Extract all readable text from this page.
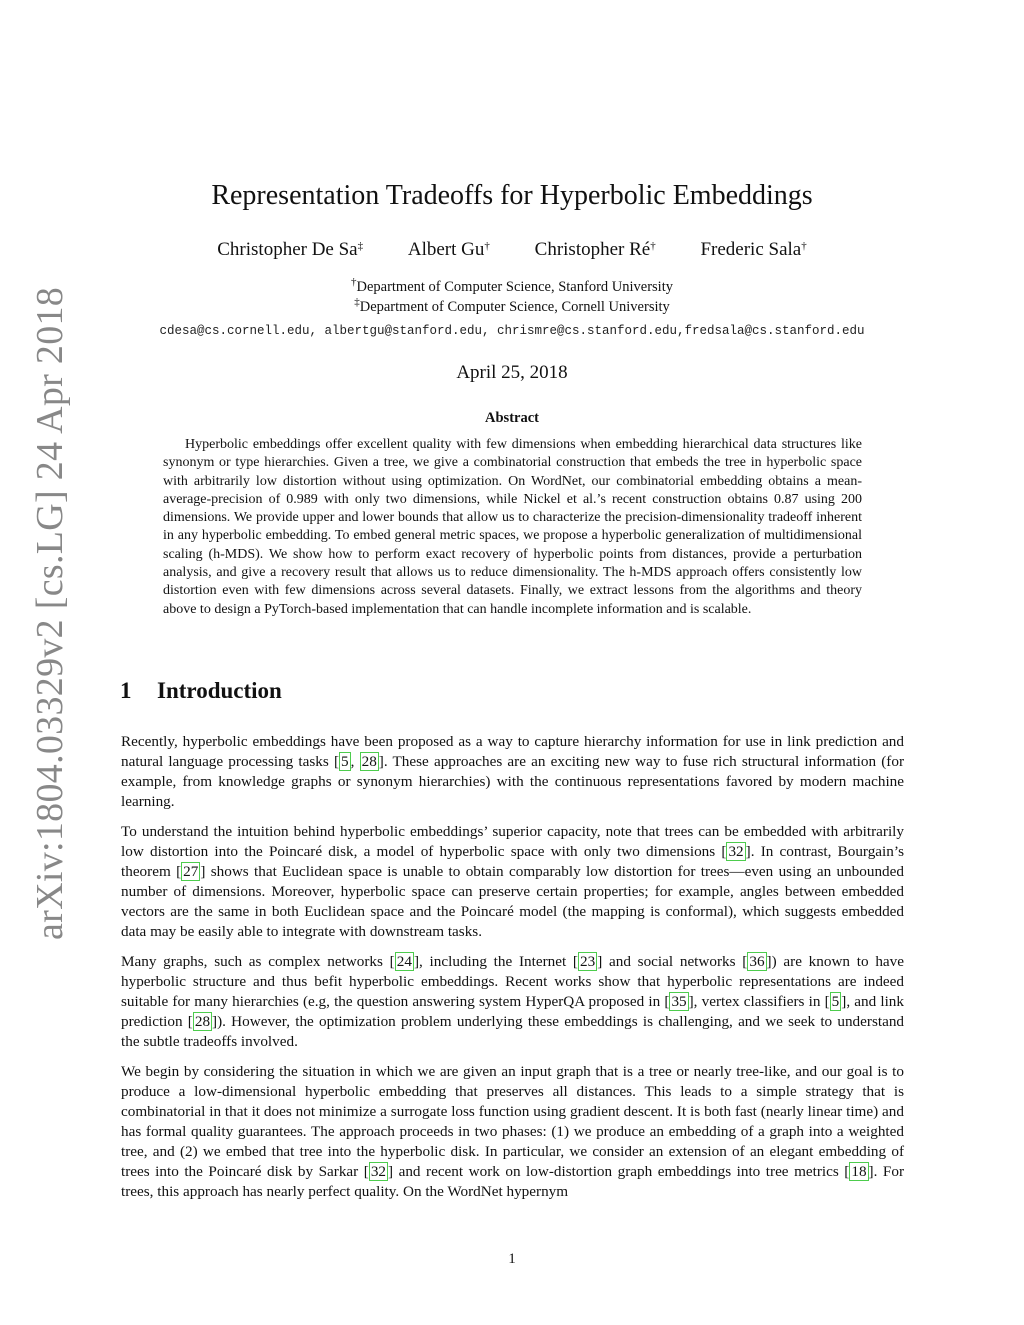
arXiv:1804.03329v2 [cs.LG] 24 Apr 2018
Representation Tradeoffs for Hyperbolic Embeddings
Christopher De Sa‡ Albert Gu† Christopher Ré† Frederic Sala†
†Department of Computer Science, Stanford University
‡Department of Computer Science, Cornell University
cdesa@cs.cornell.edu, albertgu@stanford.edu, chrismre@cs.stanford.edu,fredsala@cs.stanford.edu
April 25, 2018
Abstract
Hyperbolic embeddings offer excellent quality with few dimensions when embedding hierarchical data structures like synonym or type hierarchies. Given a tree, we give a combinatorial construction that embeds the tree in hyperbolic space with arbitrarily low distortion without using optimization. On WordNet, our combinatorial embedding obtains a mean-average-precision of 0.989 with only two dimensions, while Nickel et al.’s recent construction obtains 0.87 using 200 dimensions. We provide upper and lower bounds that allow us to characterize the precision-dimensionality tradeoff inherent in any hyperbolic embedding. To embed general metric spaces, we propose a hyperbolic generalization of multidimensional scaling (h-MDS). We show how to perform exact recovery of hyperbolic points from distances, provide a perturbation analysis, and give a recovery result that allows us to reduce dimensionality. The h-MDS approach offers consistently low distortion even with few dimensions across several datasets. Finally, we extract lessons from the algorithms and theory above to design a PyTorch-based implementation that can handle incomplete information and is scalable.
1 Introduction

Recently, hyperbolic embeddings have been proposed as a way to capture hierarchy information for use in link prediction and natural language processing tasks [ 5 , 28 ]. These approaches are an exciting new way to fuse rich structural information (for example, from knowledge graphs or synonym hierarchies) with the continuous representations favored by modern machine learning.

To understand the intuition behind hyperbolic embeddings’ superior capacity, note that trees can be embedded with arbitrarily low distortion into the Poincaré disk, a model of hyperbolic space with only two dimensions [ 32 ]. In contrast, Bourgain’s theorem [ 27 ] shows that Euclidean space is unable to obtain comparably low distortion for trees—even using an unbounded number of dimensions. Moreover, hyperbolic space can preserve certain properties; for example, angles between embedded vectors are the same in both Euclidean space and the Poincaré model (the mapping is conformal), which suggests embedded data may be easily able to integrate with downstream tasks.

Many graphs, such as complex networks [ 24 ], including the Internet [ 23 ] and social networks [ 36 ]) are known to have hyperbolic structure and thus befit hyperbolic embeddings. Recent works show that hyperbolic representations are indeed suitable for many hierarchies (e.g, the question answering system HyperQA proposed in [ 35 ], vertex classifiers in [ 5 ], and link prediction [ 28 ]). However, the optimization problem underlying these embeddings is challenging, and we seek to understand the subtle tradeoffs involved.

We begin by considering the situation in which we are given an input graph that is a tree or nearly tree-like, and our goal is to produce a low-dimensional hyperbolic embedding that preserves all distances. This leads to a simple strategy that is combinatorial in that it does not minimize a surrogate loss function using gradient descent. It is both fast (nearly linear time) and has formal quality guarantees. The approach proceeds in two phases: (1) we produce an embedding of a graph into a weighted tree, and (2) we embed that tree into the hyperbolic disk. In particular, we consider an extension of an elegant embedding of trees into the Poincaré disk by Sarkar [ 32 ] and recent work on low-distortion graph embeddings into tree metrics [ 18 ]. For trees, this approach has nearly perfect quality. On the WordNet hypernym

1
